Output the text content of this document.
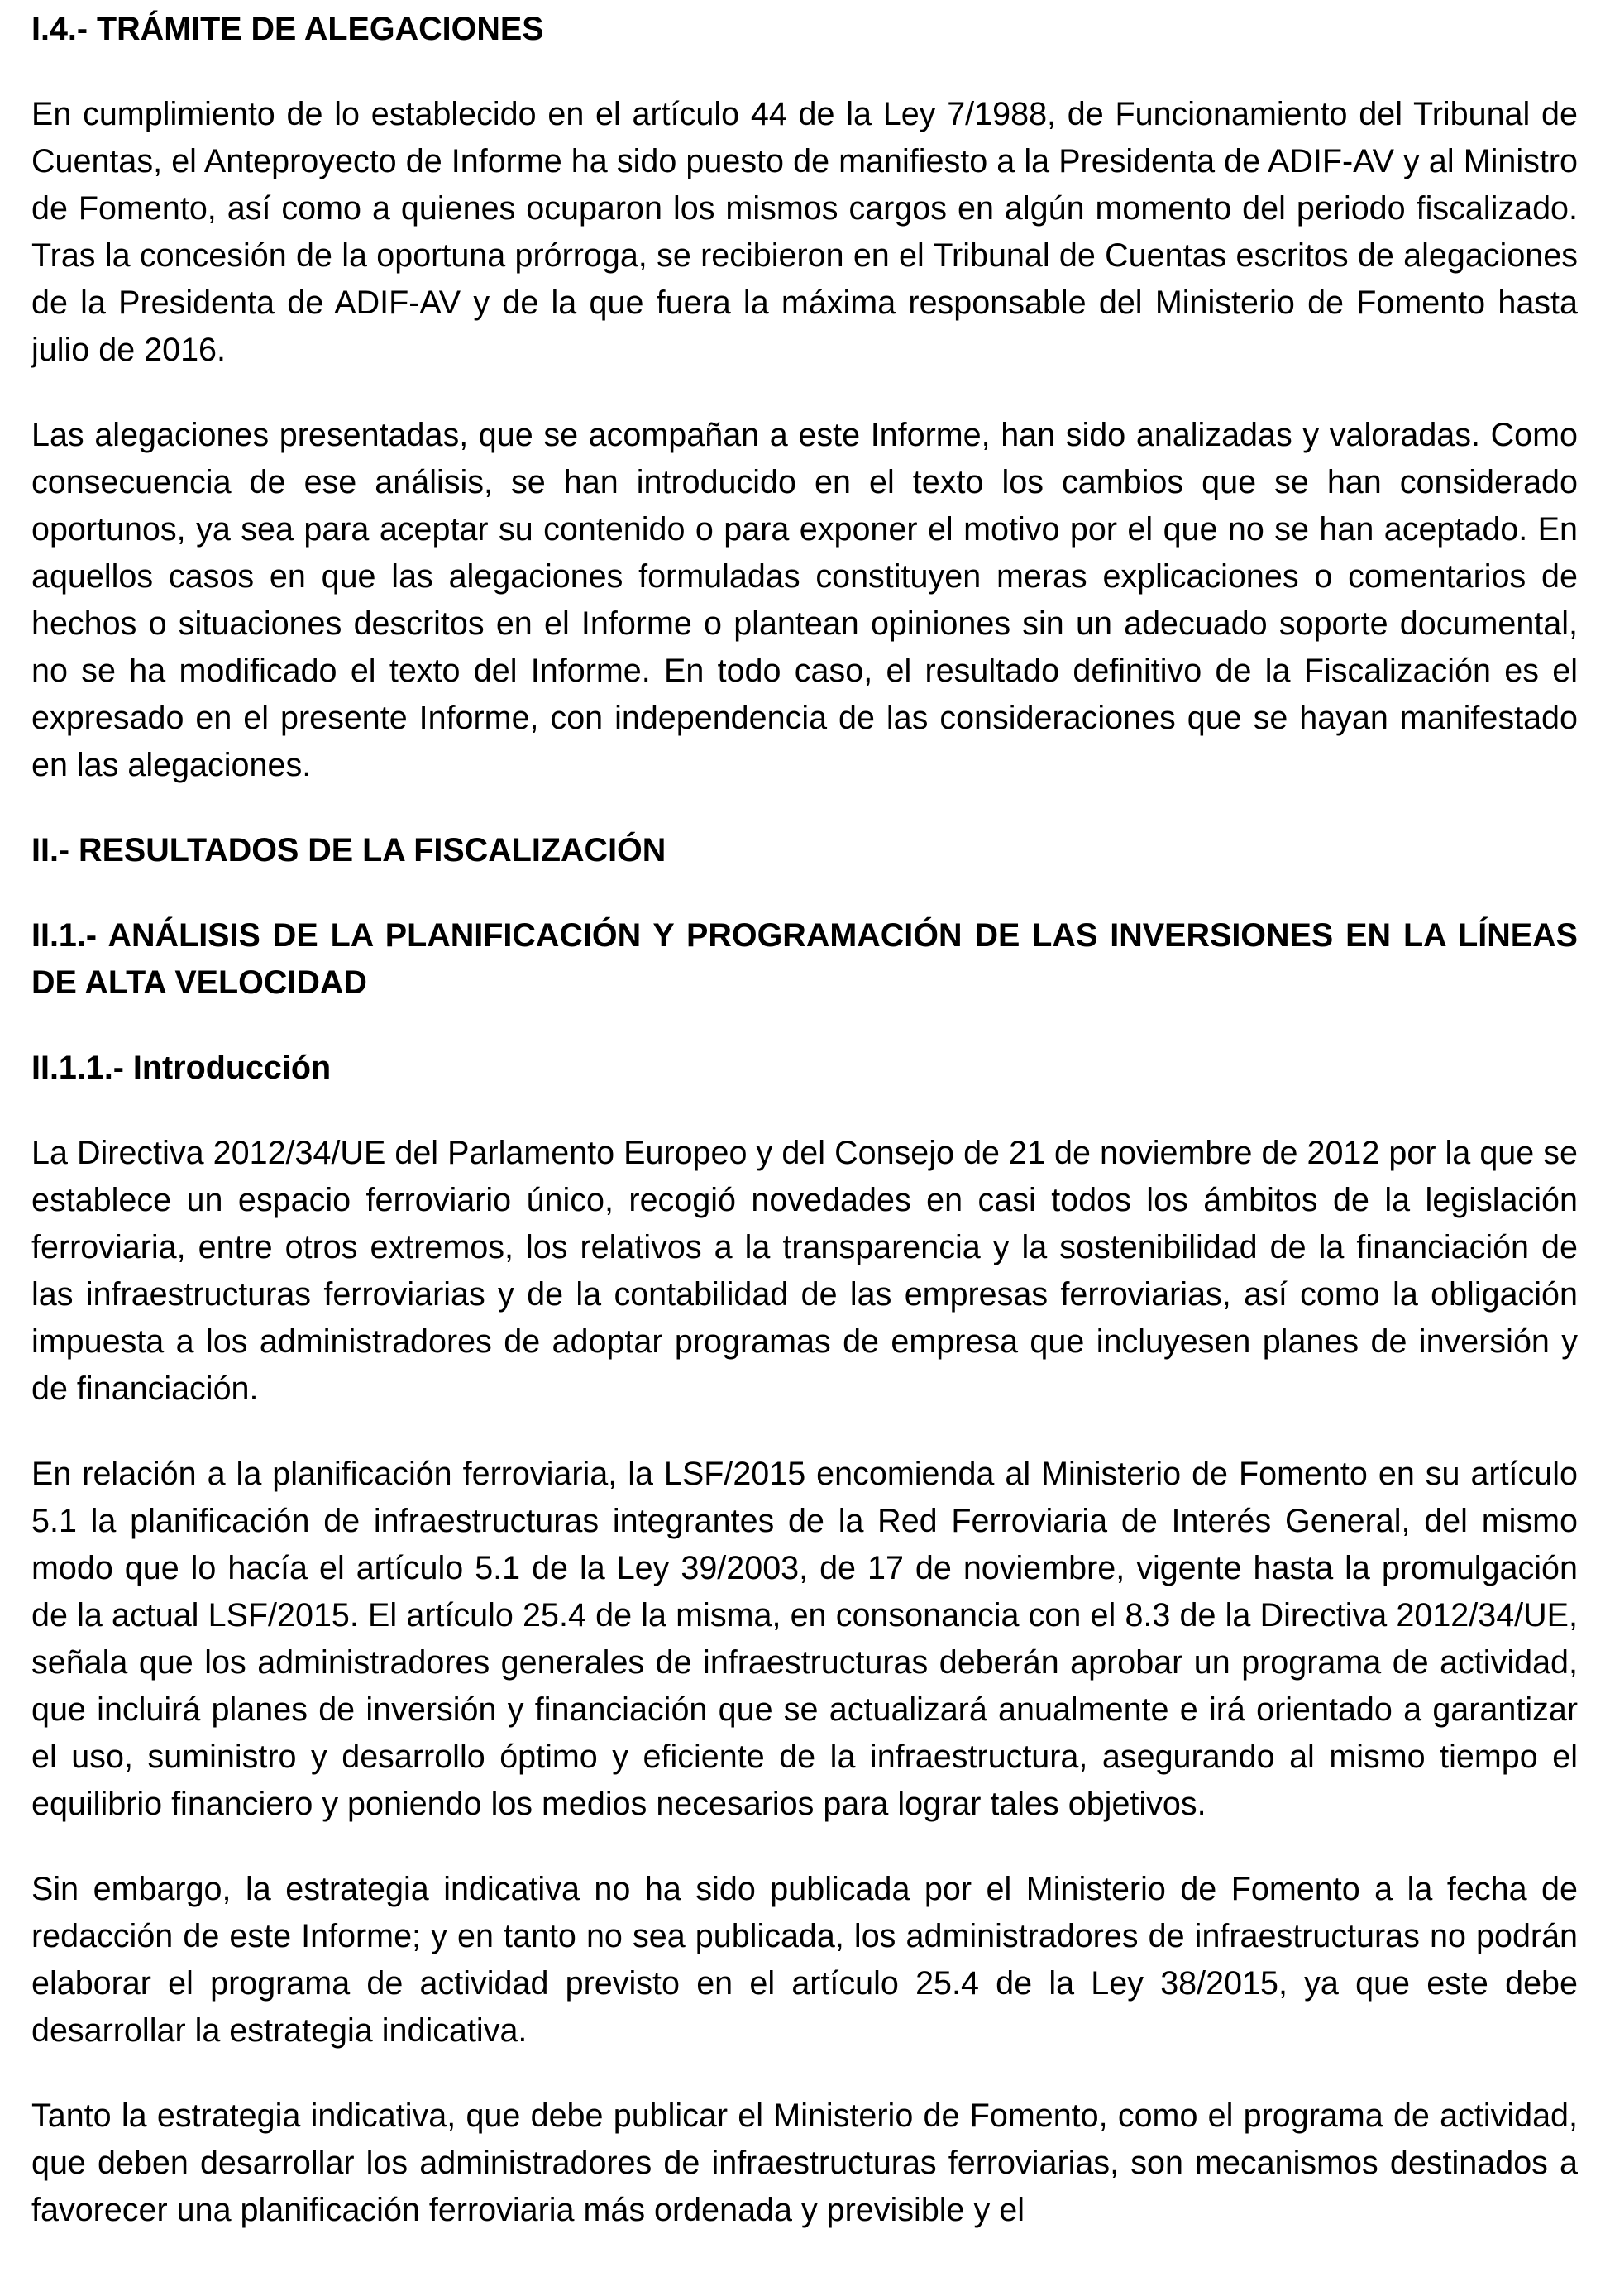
I.4.- TRÁMITE DE ALEGACIONES

En cumplimiento de lo establecido en el artículo 44 de la Ley 7/1988, de Funcionamiento del Tribunal de Cuentas, el Anteproyecto de Informe ha sido puesto de manifiesto a la Presidenta de ADIF-AV y al Ministro de Fomento, así como a quienes ocuparon los mismos cargos en algún momento del periodo fiscalizado. Tras la concesión de la oportuna prórroga, se recibieron en el Tribunal de Cuentas escritos de alegaciones de la Presidenta de ADIF-AV y de la que fuera la máxima responsable del Ministerio de Fomento hasta julio de 2016.

Las alegaciones presentadas, que se acompañan a este Informe, han sido analizadas y valoradas. Como consecuencia de ese análisis, se han introducido en el texto los cambios que se han considerado oportunos, ya sea para aceptar su contenido o para exponer el motivo por el que no se han aceptado. En aquellos casos en que las alegaciones formuladas constituyen meras explicaciones o comentarios de hechos o situaciones descritos en el Informe o plantean opiniones sin un adecuado soporte documental, no se ha modificado el texto del Informe. En todo caso, el resultado definitivo de la Fiscalización es el expresado en el presente Informe, con independencia de las consideraciones que se hayan manifestado en las alegaciones.

II.- RESULTADOS DE LA FISCALIZACIÓN

II.1.- ANÁLISIS DE LA PLANIFICACIÓN Y PROGRAMACIÓN DE LAS INVERSIONES EN LA LÍNEAS DE ALTA VELOCIDAD

II.1.1.- Introducción

La Directiva 2012/34/UE del Parlamento Europeo y del Consejo de 21 de noviembre de 2012 por la que se establece un espacio ferroviario único, recogió novedades en casi todos los ámbitos de la legislación ferroviaria, entre otros extremos, los relativos a la transparencia y la sostenibilidad de la financiación de las infraestructuras ferroviarias y de la contabilidad de las empresas ferroviarias, así como la obligación impuesta a los administradores de adoptar programas de empresa que incluyesen planes de inversión y de financiación.

En relación a la planificación ferroviaria, la LSF/2015 encomienda al Ministerio de Fomento en su artículo 5.1 la planificación de infraestructuras integrantes de la Red Ferroviaria de Interés General, del mismo modo que lo hacía el artículo 5.1 de la Ley 39/2003, de 17 de noviembre, vigente hasta la promulgación de la actual LSF/2015. El artículo 25.4 de la misma, en consonancia con el 8.3 de la Directiva 2012/34/UE, señala que los administradores generales de infraestructuras deberán aprobar un programa de actividad, que incluirá planes de inversión y financiación que se actualizará anualmente e irá orientado a garantizar el uso, suministro y desarrollo óptimo y eficiente de la infraestructura, asegurando al mismo tiempo el equilibrio financiero y poniendo los medios necesarios para lograr tales objetivos.

Sin embargo, la estrategia indicativa no ha sido publicada por el Ministerio de Fomento a la fecha de redacción de este Informe; y en tanto no sea publicada, los administradores de infraestructuras no podrán elaborar el programa de actividad previsto en el artículo 25.4 de la Ley 38/2015, ya que este debe desarrollar la estrategia indicativa.

Tanto la estrategia indicativa, que debe publicar el Ministerio de Fomento, como el programa de actividad, que deben desarrollar los administradores de infraestructuras ferroviarias, son mecanismos destinados a favorecer una planificación ferroviaria más ordenada y previsible y el
